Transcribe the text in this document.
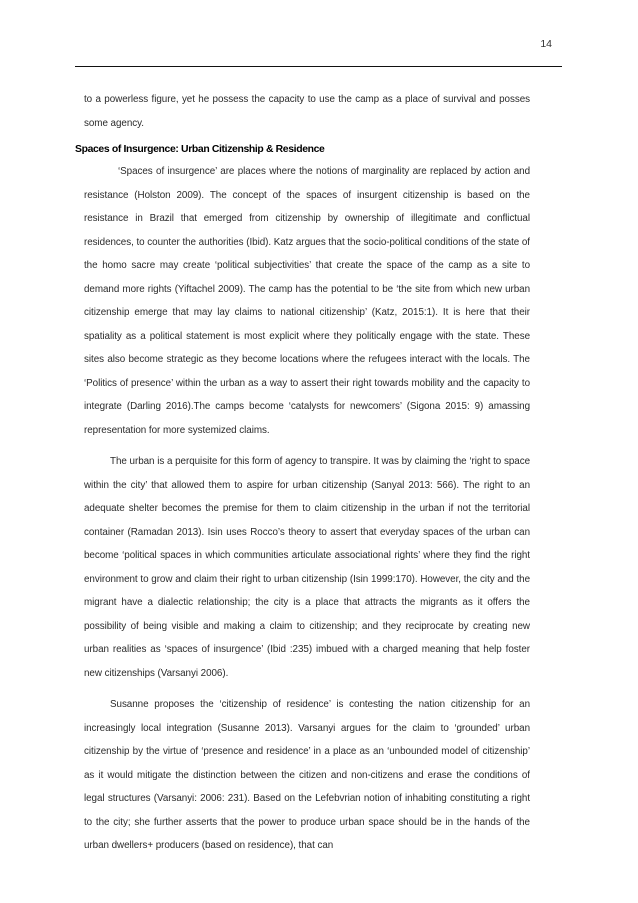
14

to a powerless figure, yet he possess the capacity to use the camp as a place of survival and posses some agency.

Spaces of Insurgence: Urban Citizenship & Residence

‘Spaces of insurgence’ are places where the notions of marginality are replaced by action and resistance (Holston 2009). The concept of the spaces of insurgent citizenship is based on the resistance in Brazil that emerged from citizenship by ownership of illegitimate and conflictual residences, to counter the authorities (Ibid). Katz argues that the socio-political conditions of the state of the homo sacre may create ‘political subjectivities’ that create the space of the camp as a site to demand more rights (Yiftachel 2009). The camp has the potential to be ‘the site from which new urban citizenship emerge that may lay claims to national citizenship’ (Katz, 2015:1). It is here that their spatiality as a political statement is most explicit where they politically engage with the state. These sites also become strategic as they become locations where the refugees interact with the locals. The ‘Politics of presence’ within the urban as a way to assert their right towards mobility and the capacity to integrate (Darling 2016).The camps become ‘catalysts for newcomers’ (Sigona 2015: 9) amassing representation for more systemized claims.

The urban is a perquisite for this form of agency to transpire. It was by claiming the ‘right to space within the city’ that allowed them to aspire for urban citizenship (Sanyal 2013: 566). The right to an adequate shelter becomes the premise for them to claim citizenship in the urban if not the territorial container (Ramadan 2013). Isin uses Rocco’s theory to assert that everyday spaces of the urban can become ‘political spaces in which communities articulate associational rights’ where they find the right environment to grow and claim their right to urban citizenship (Isin 1999:170). However, the city and the migrant have a dialectic relationship; the city is a place that attracts the migrants as it offers the possibility of being visible and making a claim to citizenship; and they reciprocate by creating new urban realities as ‘spaces of insurgence’ (Ibid :235) imbued with a charged meaning that help foster new citizenships (Varsanyi 2006).

Susanne proposes the ‘citizenship of residence’ is contesting the nation citizenship for an increasingly local integration (Susanne 2013). Varsanyi argues for the claim to ‘grounded’ urban citizenship by the virtue of ‘presence and residence’ in a place as an ‘unbounded model of citizenship’ as it would mitigate the distinction between the citizen and non-citizens and erase the conditions of legal structures (Varsanyi: 2006: 231). Based on the Lefebvrian notion of inhabiting constituting a right to the city; she further asserts that the power to produce urban space should be in the hands of the urban dwellers+ producers (based on residence), that can
